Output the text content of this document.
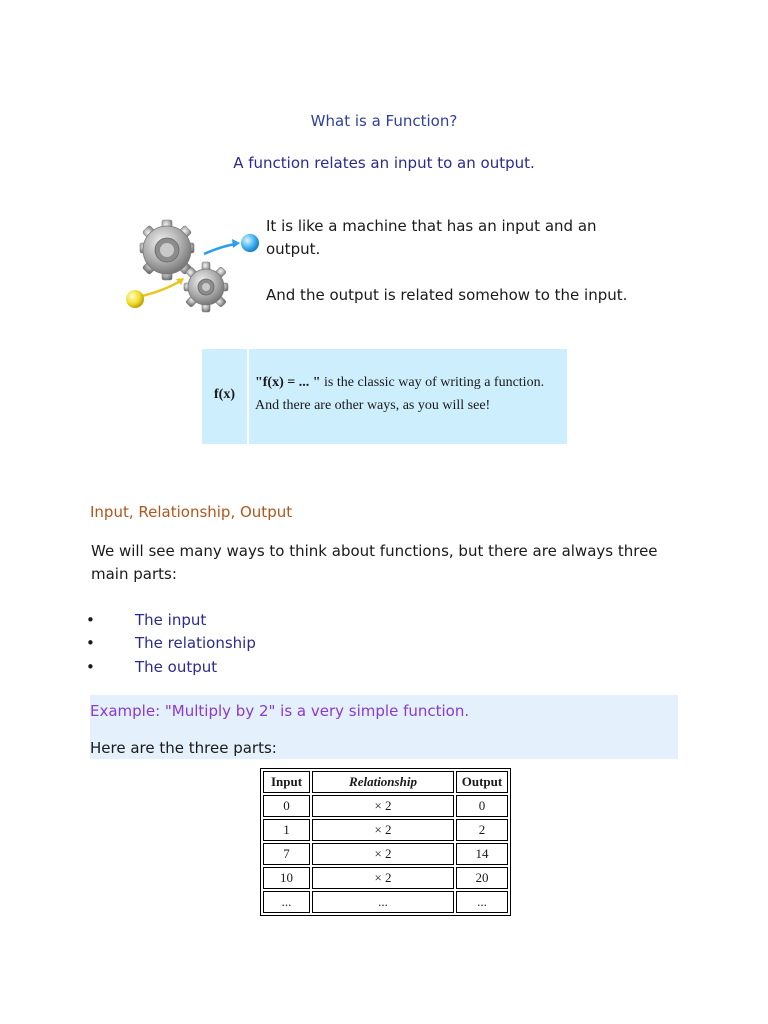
What is a Function?
A function relates an input to an output.
It is like a machine that has an input and an output.
And the output is related somehow to the input.
f(x)
"f(x) = ... " is the classic way of writing a function.
And there are other ways, as you will see!
Input, Relationship, Output
We will see many ways to think about functions, but there are always three main parts:
•	The input
•	The relationship
•	The output
Example: "Multiply by 2" is a very simple function.
Here are the three parts:
Input	Relationship	Output
0	× 2	0
1	× 2	2
7	× 2	14
10	× 2	20
...	...	...
